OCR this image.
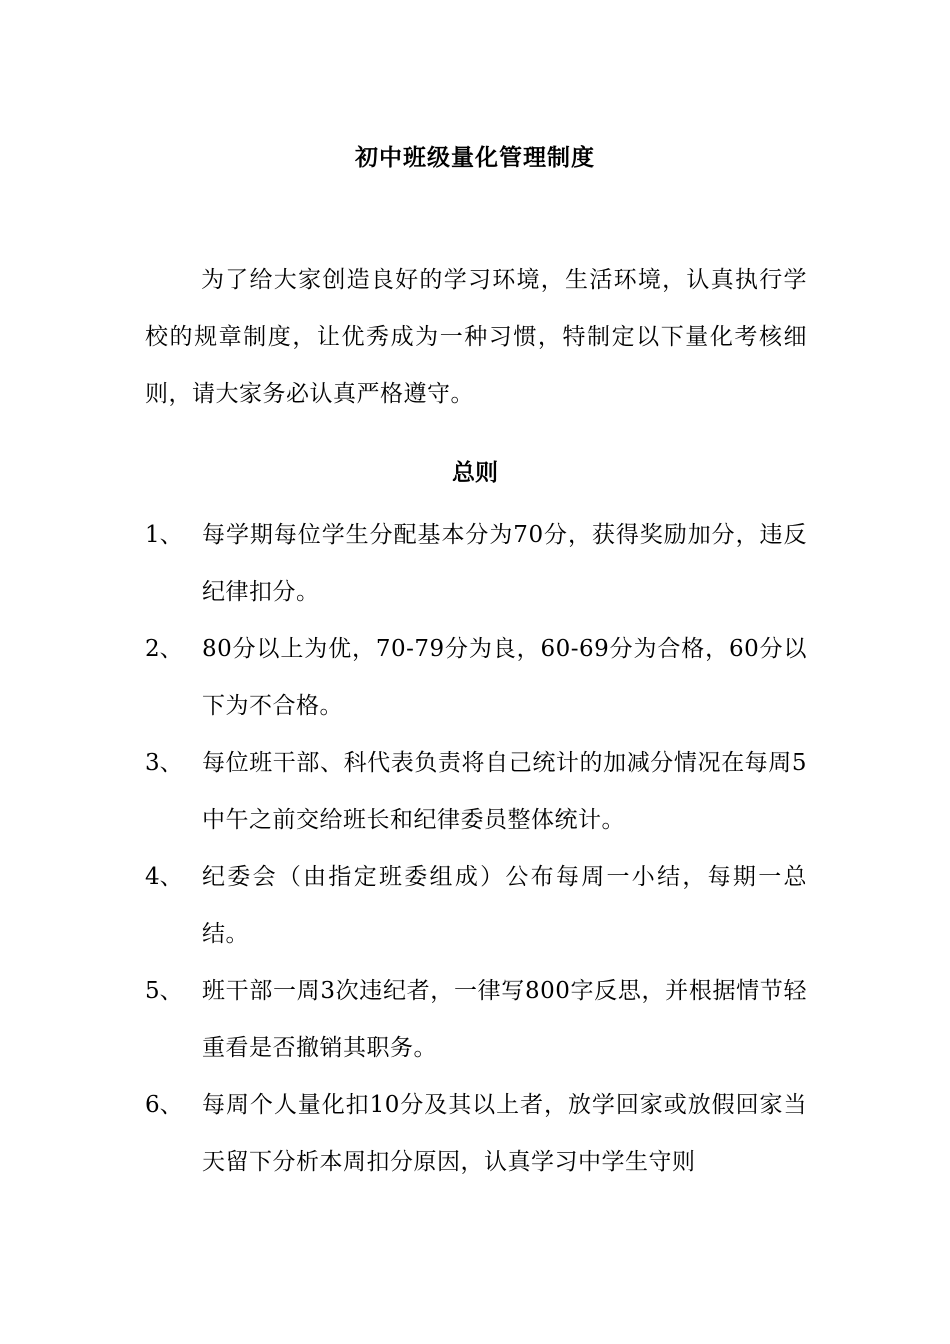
初中班级量化管理制度

为了给大家创造良好的学习环境，生活环境，认真执行学校的规章制度，让优秀成为一种习惯，特制定以下量化考核细则，请大家务必认真严格遵守。

总则
1、 每学期每位学生分配基本分为70分，获得奖励加分，违反纪律扣分。
2、 80分以上为优，70-79分为良，60-69分为合格，60分以下为不合格。
3、 每位班干部、科代表负责将自己统计的加减分情况在每周5中午之前交给班长和纪律委员整体统计。
4、 纪委会（由指定班委组成）公布每周一小结，每期一总结。
5、 班干部一周3次违纪者，一律写800字反思，并根据情节轻重看是否撤销其职务。
6、 每周个人量化扣10分及其以上者，放学回家或放假回家当天留下分析本周扣分原因，认真学习中学生守则
